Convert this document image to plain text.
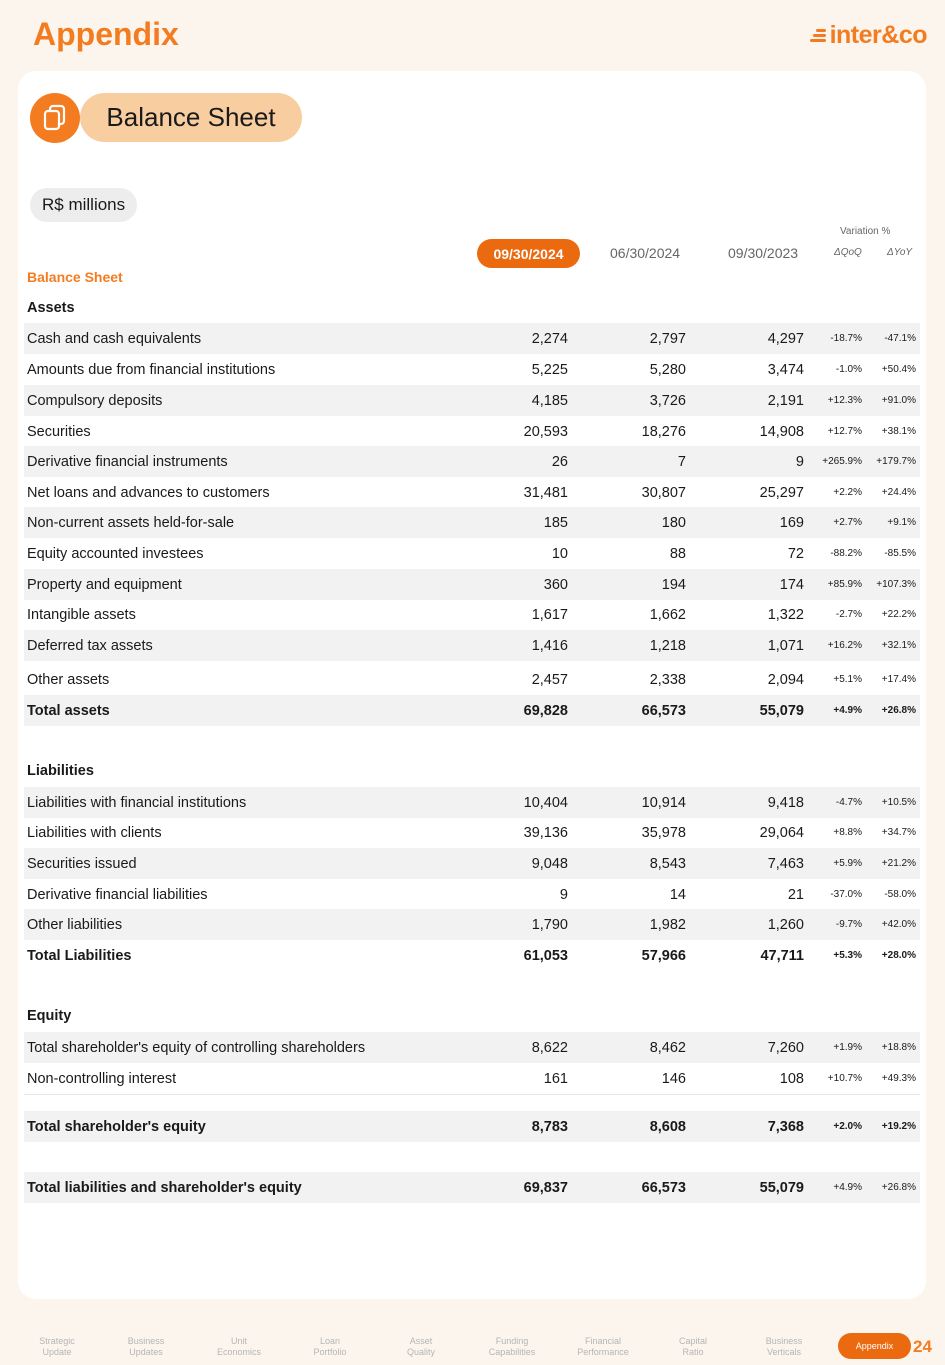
Appendix	inter&co
Balance Sheet
R$ millions
09/30/2024	06/30/2024	09/30/2023
Variation %
ΔQoQ	ΔYoY
Balance Sheet
Assets
Cash and cash equivalents	2,274	2,797	4,297	-18.7%	-47.1%
Amounts due from financial institutions	5,225	5,280	3,474	-1.0%	+50.4%
Compulsory deposits	4,185	3,726	2,191	+12.3%	+91.0%
Securities	20,593	18,276	14,908	+12.7%	+38.1%
Derivative financial instruments	26	7	9	+265.9%	+179.7%
Net loans and advances to customers	31,481	30,807	25,297	+2.2%	+24.4%
Non-current assets held-for-sale	185	180	169	+2.7%	+9.1%
Equity accounted investees	10	88	72	-88.2%	-85.5%
Property and equipment	360	194	174	+85.9%	+107.3%
Intangible assets	1,617	1,662	1,322	-2.7%	+22.2%
Deferred tax assets	1,416	1,218	1,071	+16.2%	+32.1%
Other assets	2,457	2,338	2,094	+5.1%	+17.4%
Total assets	69,828	66,573	55,079	+4.9%	+26.8%
Liabilities
Liabilities with financial institutions	10,404	10,914	9,418	-4.7%	+10.5%
Liabilities with clients	39,136	35,978	29,064	+8.8%	+34.7%
Securities issued	9,048	8,543	7,463	+5.9%	+21.2%
Derivative financial liabilities	9	14	21	-37.0%	-58.0%
Other liabilities	1,790	1,982	1,260	-9.7%	+42.0%
Total Liabilities	61,053	57,966	47,711	+5.3%	+28.0%
Equity
Total shareholder's equity of controlling shareholders	8,622	8,462	7,260	+1.9%	+18.8%
Non-controlling interest	161	146	108	+10.7%	+49.3%
Total shareholder's equity	8,783	8,608	7,368	+2.0%	+19.2%
Total liabilities and shareholder's equity	69,837	66,573	55,079	+4.9%	+26.8%
Strategic
Update
Business
Updates
Unit
Economics
Loan
Portfolio
Asset
Quality
Funding
Capabilities
Financial
Performance
Capital
Ratio
Business
Verticals
Appendix	24
